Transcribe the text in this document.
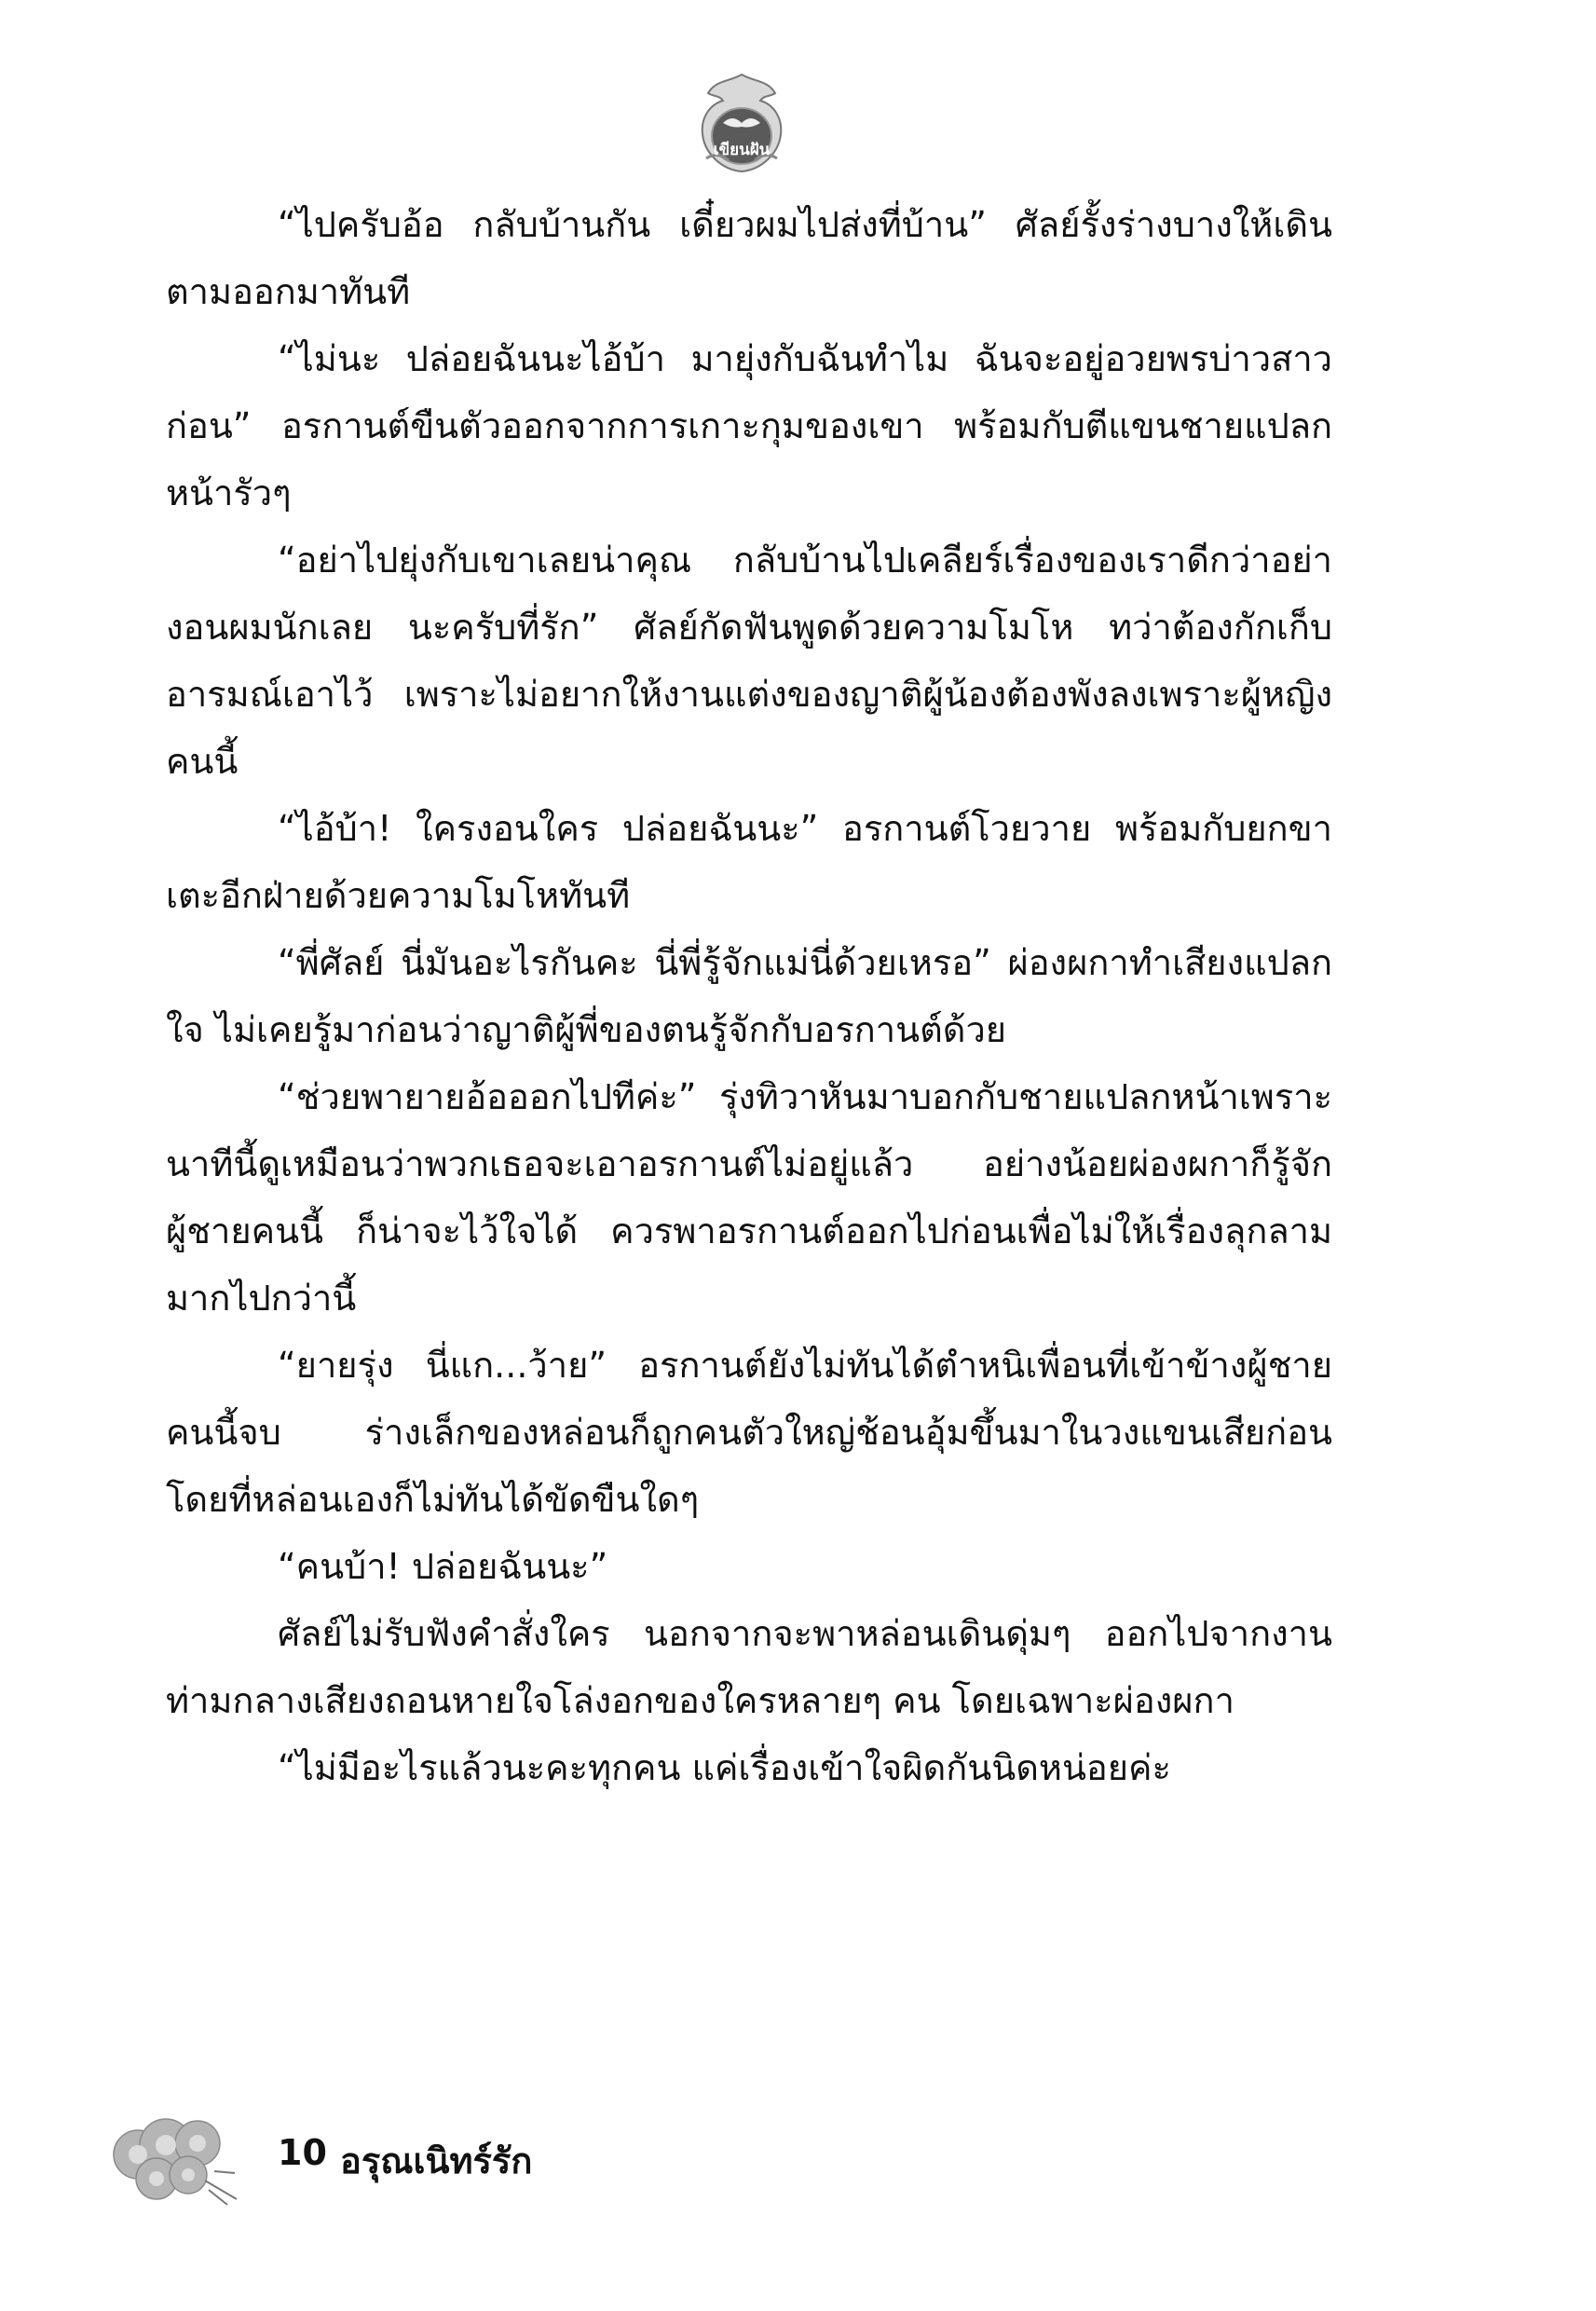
เขียนฝัน

“ไปครับอ้อ กลับบ้านกัน เดี๋ยวผมไปส่งที่บ้าน” ศัลย์รั้งร่างบางให้เดินตามออกมาทันที

“ไม่นะ ปล่อยฉันนะไอ้บ้า มายุ่งกับฉันทำไม ฉันจะอยู่อวยพรบ่าวสาวก่อน” อรกานต์ขืนตัวออกจากการเกาะกุมของเขา พร้อมกับตีแขนชายแปลกหน้ารัวๆ

“อย่าไปยุ่งกับเขาเลยน่าคุณ กลับบ้านไปเคลียร์เรื่องของเราดีกว่าอย่างอนผมนักเลย นะครับที่รัก” ศัลย์กัดฟันพูดด้วยความโมโห ทว่าต้องกักเก็บอารมณ์เอาไว้ เพราะไม่อยากให้งานแต่งของญาติผู้น้องต้องพังลงเพราะผู้หญิงคนนี้

“ไอ้บ้า! ใครงอนใคร ปล่อยฉันนะ” อรกานต์โวยวาย พร้อมกับยกขาเตะอีกฝ่ายด้วยความโมโหทันที

“พี่ศัลย์ นี่มันอะไรกันคะ นี่พี่รู้จักแม่นี่ด้วยเหรอ” ผ่องผกาทำเสียงแปลกใจ ไม่เคยรู้มาก่อนว่าญาติผู้พี่ของตนรู้จักกับอรกานต์ด้วย

“ช่วยพายายอ้อออกไปทีค่ะ” รุ่งทิวาหันมาบอกกับชายแปลกหน้าเพราะนาทีนี้ดูเหมือนว่าพวกเธอจะเอาอรกานต์ไม่อยู่แล้ว อย่างน้อยผ่องผกาก็รู้จักผู้ชายคนนี้ ก็น่าจะไว้ใจได้ ควรพาอรกานต์ออกไปก่อนเพื่อไม่ให้เรื่องลุกลามมากไปกว่านี้

“ยายรุ่ง นี่แก...ว้าย” อรกานต์ยังไม่ทันได้ตำหนิเพื่อนที่เข้าข้างผู้ชายคนนี้จบ ร่างเล็กของหล่อนก็ถูกคนตัวใหญ่ช้อนอุ้มขึ้นมาในวงแขนเสียก่อน โดยที่หล่อนเองก็ไม่ทันได้ขัดขืนใดๆ

“คนบ้า! ปล่อยฉันนะ”

ศัลย์ไม่รับฟังคำสั่งใคร นอกจากจะพาหล่อนเดินดุ่มๆ ออกไปจากงาน ท่ามกลางเสียงถอนหายใจโล่งอกของใครหลายๆ คน โดยเฉพาะผ่องผกา

“ไม่มีอะไรแล้วนะคะทุกคน แค่เรื่องเข้าใจผิดกันนิดหน่อยค่ะ

10 อรุณเนิทร์รัก
